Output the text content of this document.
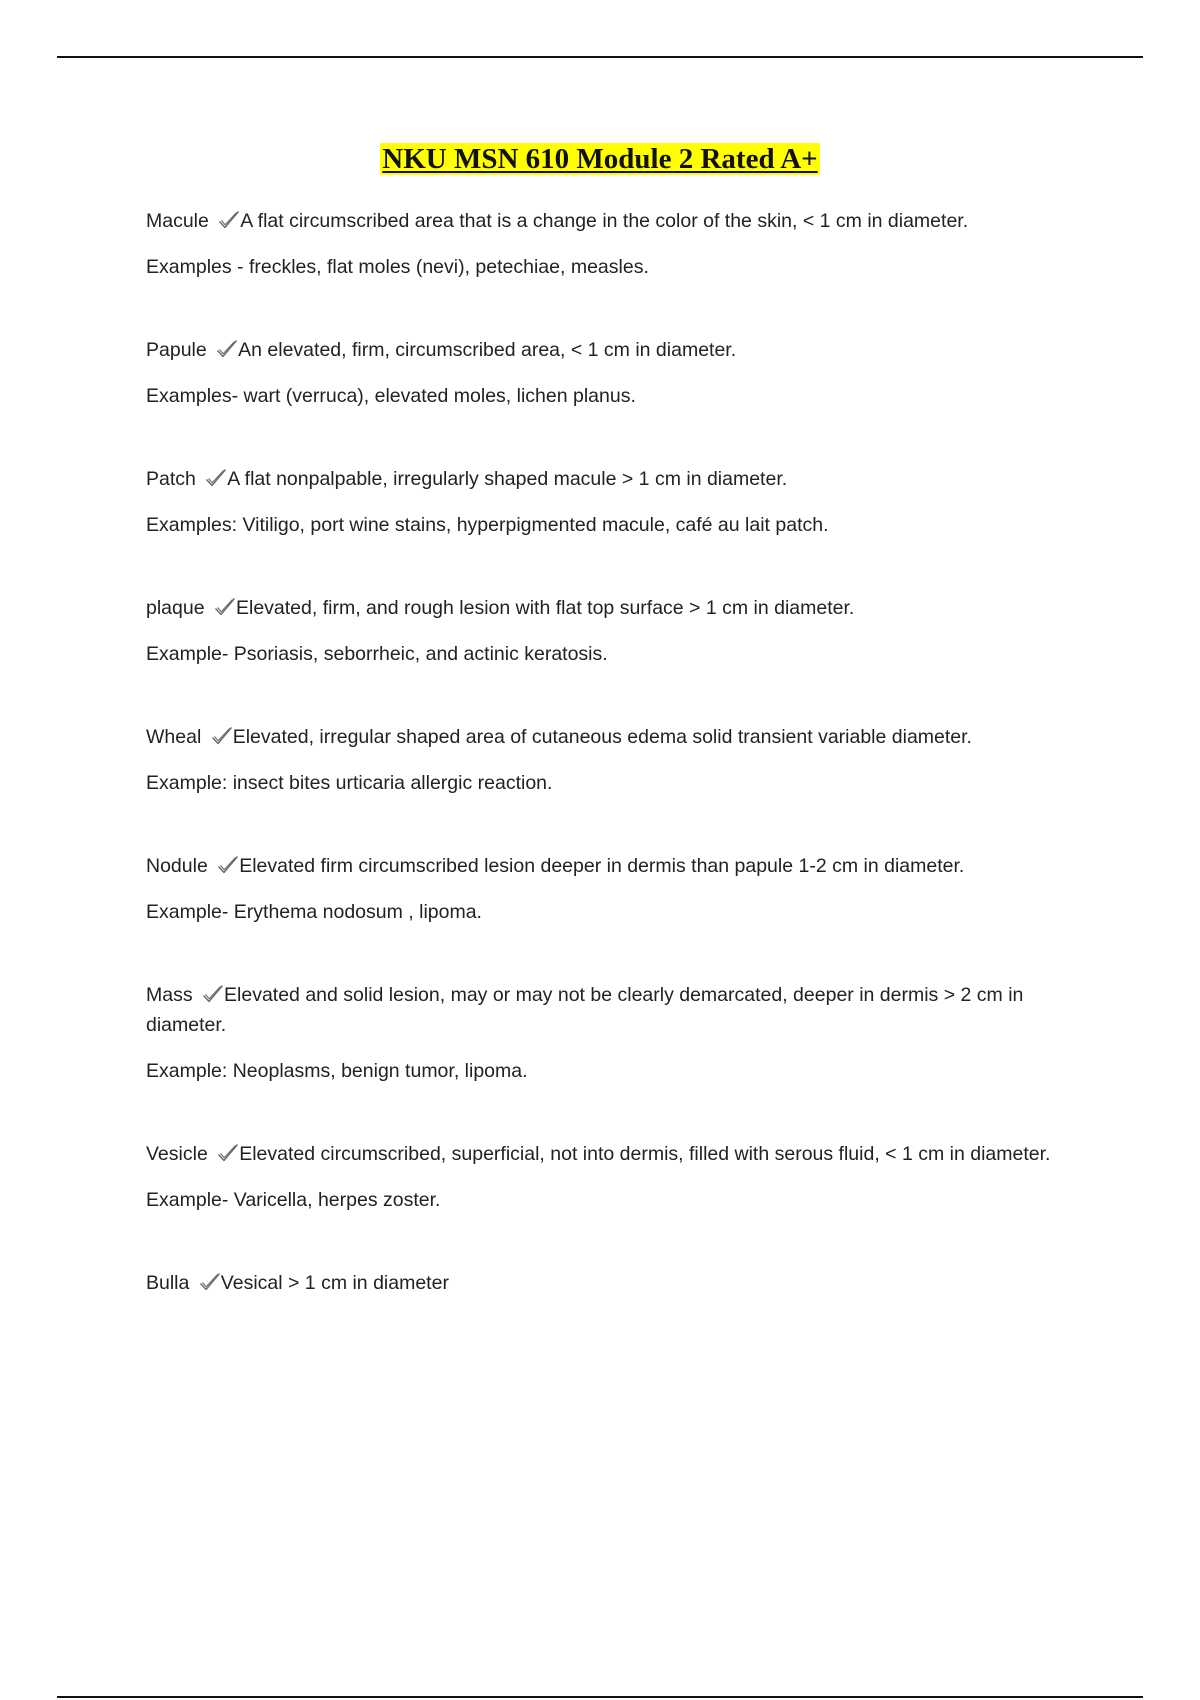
NKU MSN 610 Module 2 Rated A+

Macule A flat circumscribed area that is a change in the color of the skin, < 1 cm in diameter.

Examples - freckles, flat moles (nevi), petechiae, measles.

Papule An elevated, firm, circumscribed area, < 1 cm in diameter.

Examples- wart (verruca), elevated moles, lichen planus.

Patch A flat nonpalpable, irregularly shaped macule > 1 cm in diameter.

Examples: Vitiligo, port wine stains, hyperpigmented macule, café au lait patch.

plaque Elevated, firm, and rough lesion with flat top surface > 1 cm in diameter.

Example- Psoriasis, seborrheic, and actinic keratosis.

Wheal Elevated, irregular shaped area of cutaneous edema solid transient variable diameter.

Example: insect bites urticaria allergic reaction.

Nodule Elevated firm circumscribed lesion deeper in dermis than papule 1-2 cm in diameter.

Example- Erythema nodosum , lipoma.

Mass Elevated and solid lesion, may or may not be clearly demarcated, deeper in dermis > 2 cm in diameter.

Example: Neoplasms, benign tumor, lipoma.

Vesicle Elevated circumscribed, superficial, not into dermis, filled with serous fluid, < 1 cm in diameter.

Example- Varicella, herpes zoster.

Bulla Vesical > 1 cm in diameter
